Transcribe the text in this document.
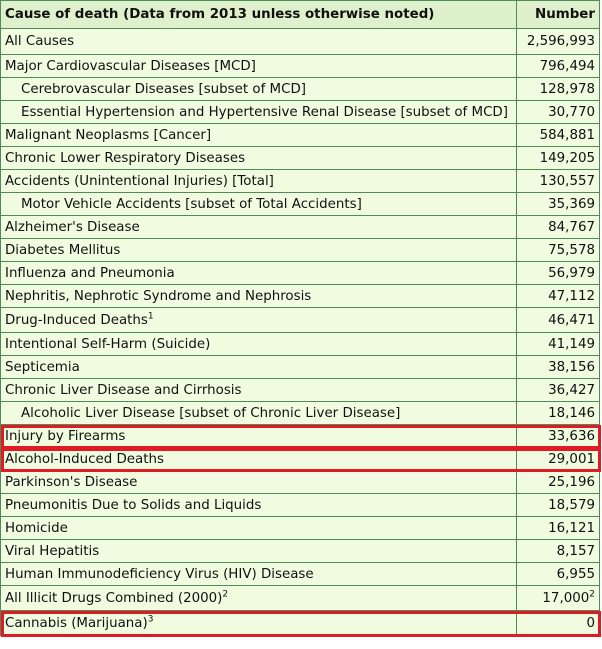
Cause of death (Data from 2013 unless otherwise noted)	Number
All Causes	2,596,993
Major Cardiovascular Diseases [MCD]	796,494
Cerebrovascular Diseases [subset of MCD]	128,978
Essential Hypertension and Hypertensive Renal Disease [subset of MCD]	30,770
Malignant Neoplasms [Cancer]	584,881
Chronic Lower Respiratory Diseases	149,205
Accidents (Unintentional Injuries) [Total]	130,557
Motor Vehicle Accidents [subset of Total Accidents]	35,369
Alzheimer's Disease	84,767
Diabetes Mellitus	75,578
Influenza and Pneumonia	56,979
Nephritis, Nephrotic Syndrome and Nephrosis	47,112
Drug-Induced Deaths$^1$	46,471
Intentional Self-Harm (Suicide)	41,149
Septicemia	38,156
Chronic Liver Disease and Cirrhosis	36,427
Alcoholic Liver Disease [subset of Chronic Liver Disease]	18,146
Injury by Firearms	33,636
Alcohol-Induced Deaths	29,001
Parkinson's Disease	25,196
Pneumonitis Due to Solids and Liquids	18,579
Homicide	16,121
Viral Hepatitis	8,157
Human Immunodeficiency Virus (HIV) Disease	6,955
All Illicit Drugs Combined $(2000)^2$	17,000$^2$
Cannabis (Marijuana)$^3$	0
